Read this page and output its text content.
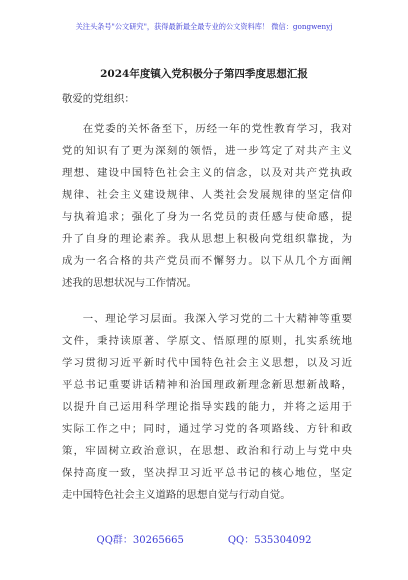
关注头条号"公文研究"，获得最新最全最专业的公文资料库！ 微信：gongwenyj
2024年度镇入党积极分子第四季度思想汇报

敬爱的党组织：

在党委的关怀备至下，历经一年的党性教育学习，我对
党的知识有了更为深刻的领悟，进一步笃定了对共产主义
理想、建设中国特色社会主义的信念，以及对共产党执政
规律、社会主义建设规律、人类社会发展规律的坚定信仰
与执着追求；强化了身为一名党员的责任感与使命感，提
升了自身的理论素养。我从思想上积极向党组织靠拢，为
成为一名合格的共产党员而不懈努力。以下从几个方面阐
述我的思想状况与工作情况。

一、理论学习层面。我深入学习党的二十大精神等重要
文件，秉持读原著、学原文、悟原理的原则，扎实系统地
学习贯彻习近平新时代中国特色社会主义思想，以及习近
平总书记重要讲话精神和治国理政新理念新思想新战略，
以提升自己运用科学理论指导实践的能力，并将之运用于
实际工作之中；同时，通过学习党的各项路线、方针和政
策，牢固树立政治意识，在思想、政治和行动上与党中央
保持高度一致，坚决捍卫习近平总书记的核心地位，坚定
走中国特色社会主义道路的思想自觉与行动自觉。

QQ群：30265665	QQ：535304092
